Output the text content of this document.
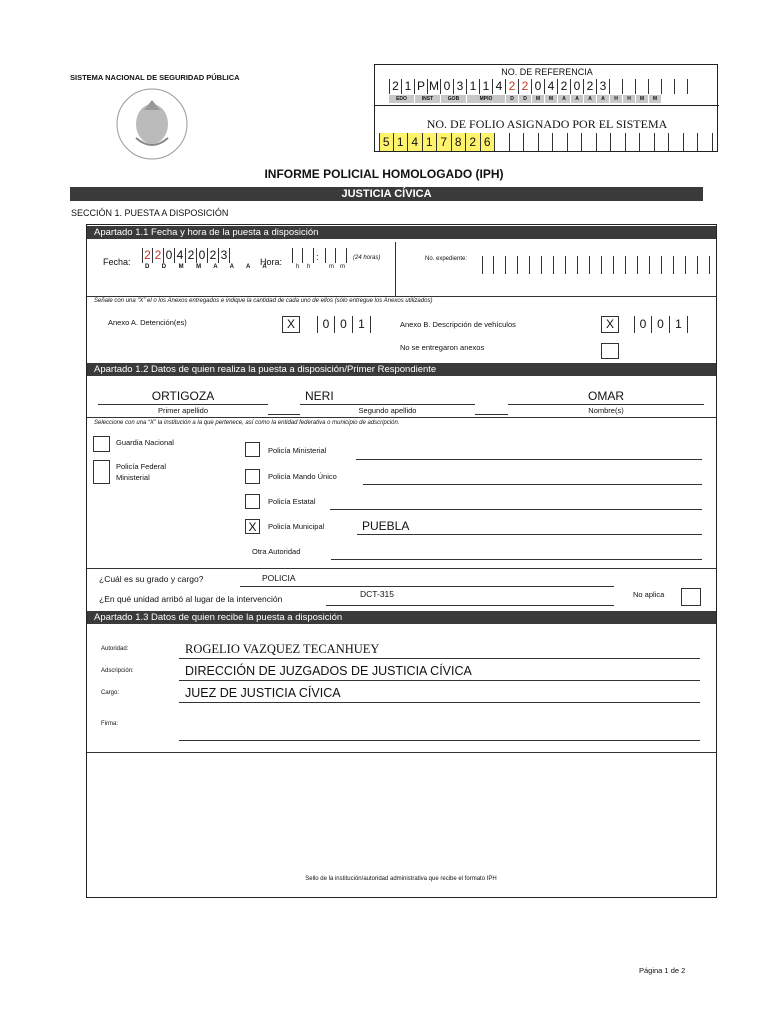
SISTEMA NACIONAL DE SEGURIDAD PÚBLICA
NO. DE REFERENCIA
2 1 P M 0 3 1 1 4 2 2 0 4 2 0 2 3
EDO	INST	GOB	MPIO	D	D	M	M	A	A	A	A	H	H	M	M
NO. DE FOLIO ASIGNADO POR EL SISTEMA
5 1 4 1 7 8 2 6
INFORME POLICIAL HOMOLOGADO (IPH)
JUSTICIA CÍVICA
SECCIÓN 1. PUESTA A DISPOSICIÓN
Apartado 1.1 Fecha y hora de la puesta a disposición
Fecha: 2 2 0 4 2 0 2 3
D D M M A A A A
Hora:	:
h h	m m
(24 horas)	No. expediente:
Señale con una “X” el o los Anexos entregados e indique la cantidad de cada uno de ellos (sólo entregue los Anexos utilizados)
Anexo A. Detención(es)	X	0 0 1	Anexo B. Descripción de vehículos	X	0 0 1
No se entregaron anexos
Apartado 1.2 Datos de quien realiza la puesta a disposición/Primer Respondiente
ORTIGOZA
Primer apellido
NERI
Segundo apellido
OMAR
Nombre(s)
Seleccione con una “X” la institución a la que pertenece, así como la entidad federativa o municipio de adscripción.
Guardia Nacional
Policía Federal Ministerial
Policía Ministerial
Policía Mando Único
Policía Estatal
X	Policía Municipal	PUEBLA
Otra Autoridad
¿Cuál es su grado y cargo?	POLICIA
¿En qué unidad arribó al lugar de la intervención	DCT-315	No aplica
Apartado 1.3 Datos de quien recibe la puesta a disposición
Autoridad:	ROGELIO VAZQUEZ TECANHUEY
Adscripción:	DIRECCIÓN DE JUZGADOS DE JUSTICIA CÍVICA
Cargo:	JUEZ DE JUSTICIA CÍVICA
Firma:
Sello de la institución/autoridad administrativa que recibe el formato IPH
Página 1 de 2
